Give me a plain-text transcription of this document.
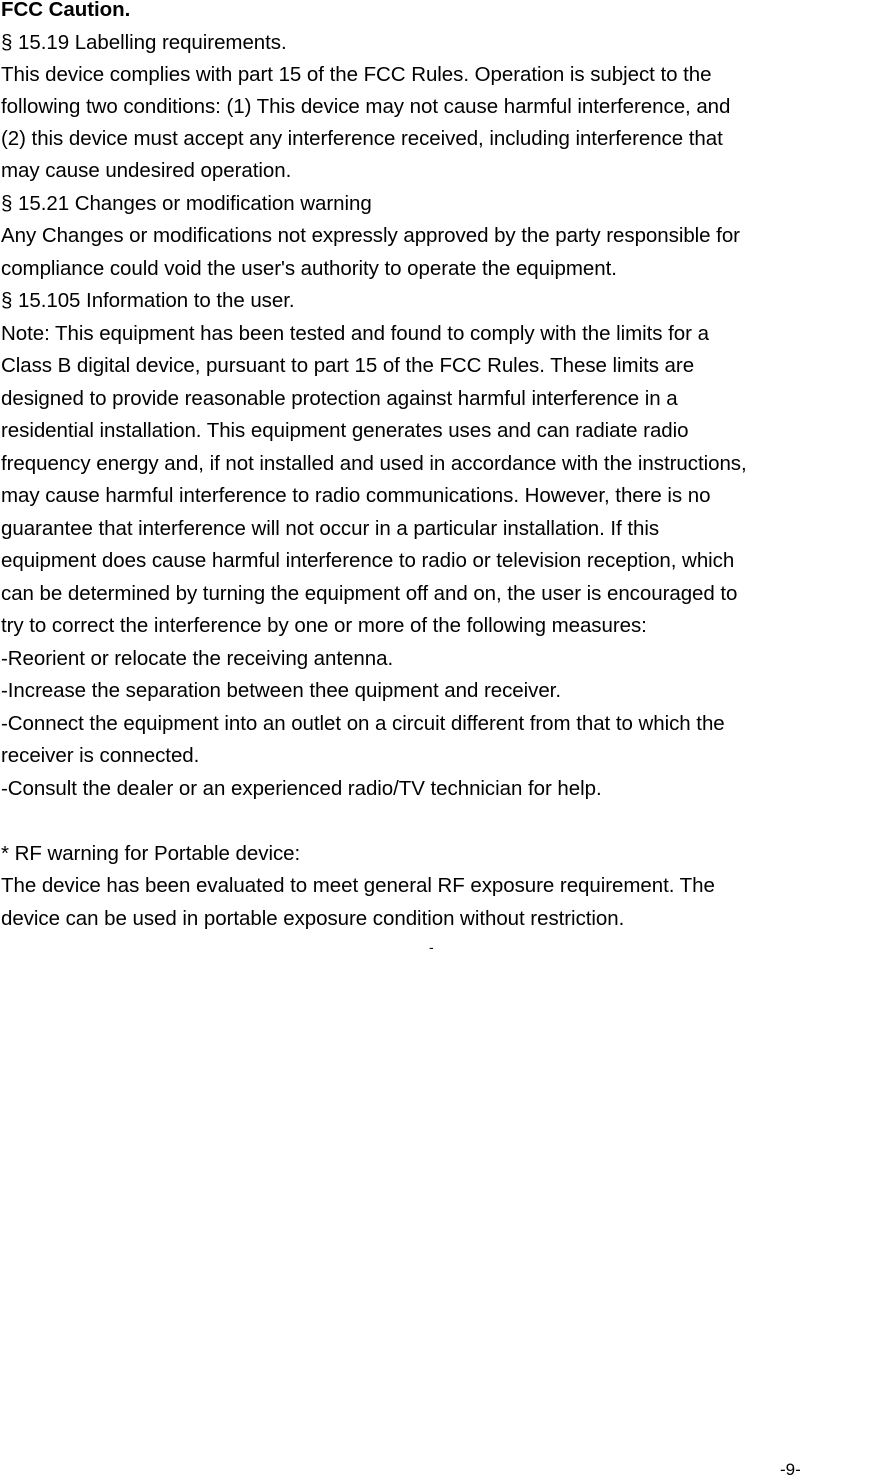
FCC Caution.
§ 15.19 Labelling requirements.
This device complies with part 15 of the FCC Rules. Operation is subject to the
following two conditions: (1) This device may not cause harmful interference, and
(2) this device must accept any interference received, including interference that
may cause undesired operation.
§ 15.21 Changes or modification warning
Any Changes or modifications not expressly approved by the party responsible for
compliance could void the user's authority to operate the equipment.
§ 15.105 Information to the user.
Note: This equipment has been tested and found to comply with the limits for a
Class B digital device, pursuant to part 15 of the FCC Rules. These limits are
designed to provide reasonable protection against harmful interference in a
residential installation. This equipment generates uses and can radiate radio
frequency energy and, if not installed and used in accordance with the instructions,
may cause harmful interference to radio communications. However, there is no
guarantee that interference will not occur in a particular installation. If this
equipment does cause harmful interference to radio or television reception, which
can be determined by turning the equipment off and on, the user is encouraged to
try to correct the interference by one or more of the following measures:
-Reorient or relocate the receiving antenna.
-Increase the separation between thee quipment and receiver.
-Connect the equipment into an outlet on a circuit different from that to which the
receiver is connected.
-Consult the dealer or an experienced radio/TV technician for help.
* RF warning for Portable device:
The device has been evaluated to meet general RF exposure requirement. The
device can be used in portable exposure condition without restriction.
-
-9-
